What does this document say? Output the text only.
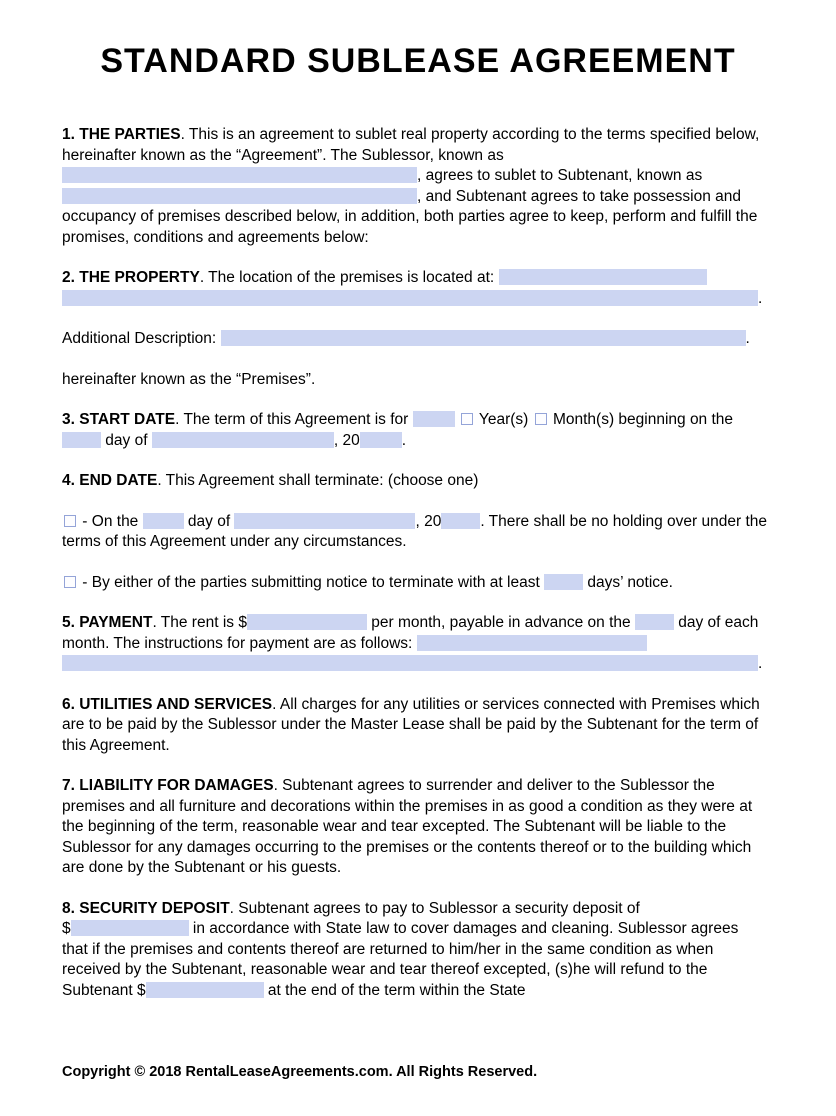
STANDARD SUBLEASE AGREEMENT

1. THE PARTIES. This is an agreement to sublet real property according to the terms specified below, hereinafter known as the “Agreement”. The Sublessor, known as , agrees to sublet to Subtenant, known as , and Subtenant agrees to take possession and occupancy of premises described below, in addition, both parties agree to keep, perform and fulfill the promises, conditions and agreements below:

2. THE PROPERTY. The location of the premises is located at:
.

Additional Description:	.

hereinafter known as the “Premises”.

3. START DATE. The term of this Agreement is for	Year(s)  Month(s) beginning on the  day of	, 20	.

4. END DATE. This Agreement shall terminate: (choose one)

- On the	day of	, 20	. There shall be no holding over under the terms of this Agreement under any circumstances.

- By either of the parties submitting notice to terminate with at least	days’ notice.

5. PAYMENT. The rent is $	per month, payable in advance on the	day of each month. The instructions for payment are as follows:
.

6. UTILITIES AND SERVICES. All charges for any utilities or services connected with Premises which are to be paid by the Sublessor under the Master Lease shall be paid by the Subtenant for the term of this Agreement.

7. LIABILITY FOR DAMAGES. Subtenant agrees to surrender and deliver to the Sublessor the premises and all furniture and decorations within the premises in as good a condition as they were at the beginning of the term, reasonable wear and tear excepted. The Subtenant will be liable to the Sublessor for any damages occurring to the premises or the contents thereof or to the building which are done by the Subtenant or his guests.

8. SECURITY DEPOSIT. Subtenant agrees to pay to Sublessor a security deposit of $	in accordance with State law to cover damages and cleaning. Sublessor agrees that if the premises and contents thereof are returned to him/her in the same condition as when received by the Subtenant, reasonable wear and tear thereof excepted, (s)he will refund to the Subtenant $	at the end of the term within the State

Copyright © 2018 RentalLeaseAgreements.com. All Rights Reserved.
